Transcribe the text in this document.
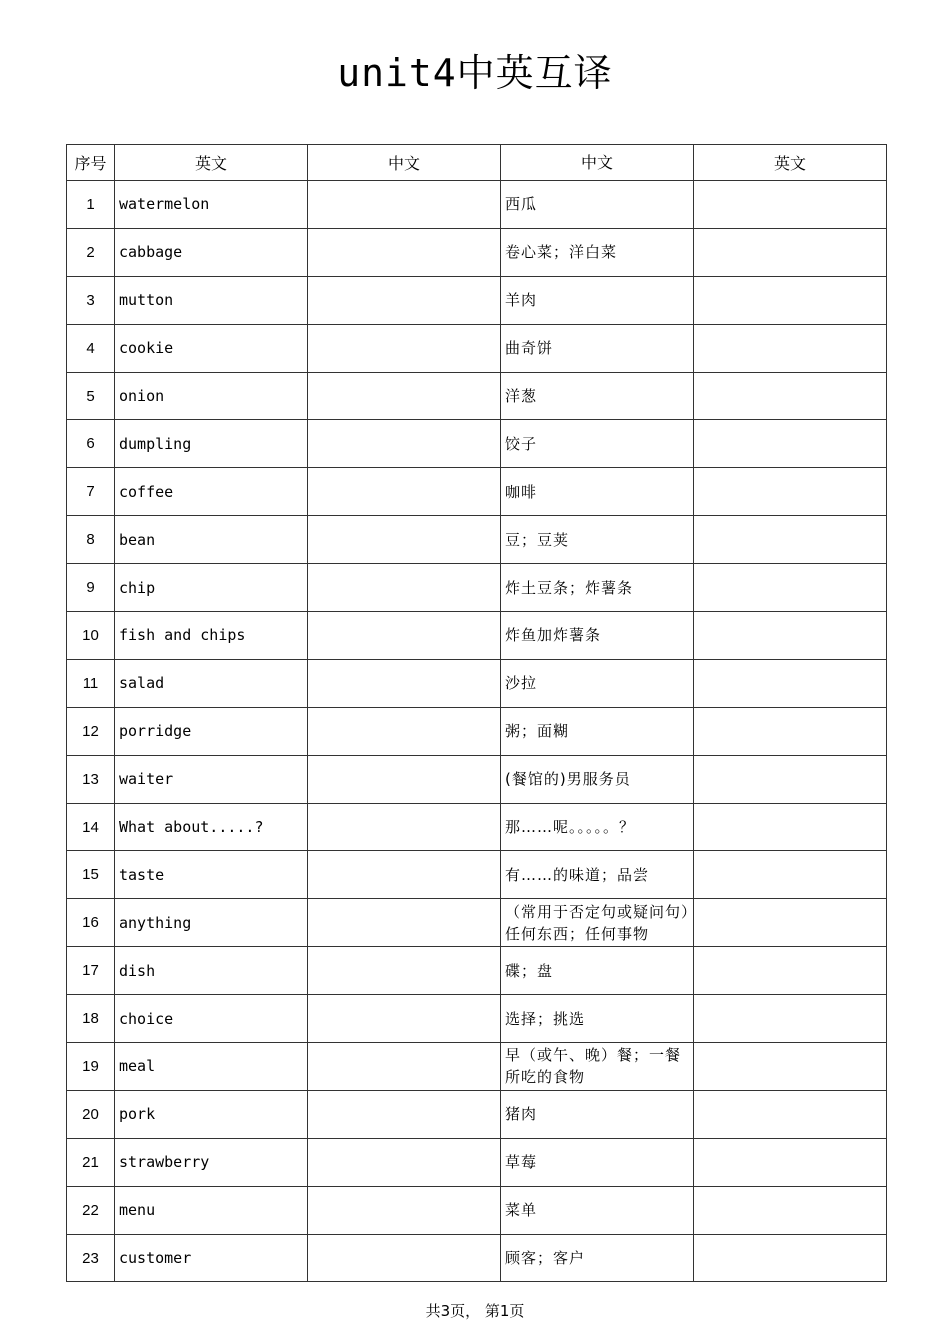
unit4中英互译
序号	英文	中文	中文	英文
1	watermelon		西瓜	
2	cabbage		卷心菜；洋白菜	
3	mutton		羊肉	
4	cookie		曲奇饼	
5	onion		洋葱	
6	dumpling		饺子	
7	coffee		咖啡	
8	bean		豆；豆荚	
9	chip		炸土豆条；炸薯条	
10	fish and chips		炸鱼加炸薯条	
11	salad		沙拉	
12	porridge		粥；面糊	
13	waiter		(餐馆的)男服务员	
14	What about.....?		那……呢。。。。。？	
15	taste		有……的味道；品尝	
16	anything		（常用于否定句或疑问句）任何东西；任何事物	
17	dish		碟；盘	
18	choice		选择；挑选	
19	meal		早（或午、晚）餐；一餐所吃的食物	
20	pork		猪肉	
21	strawberry		草莓	
22	menu		菜单	
23	customer		顾客；客户	
共3页， 第1页
